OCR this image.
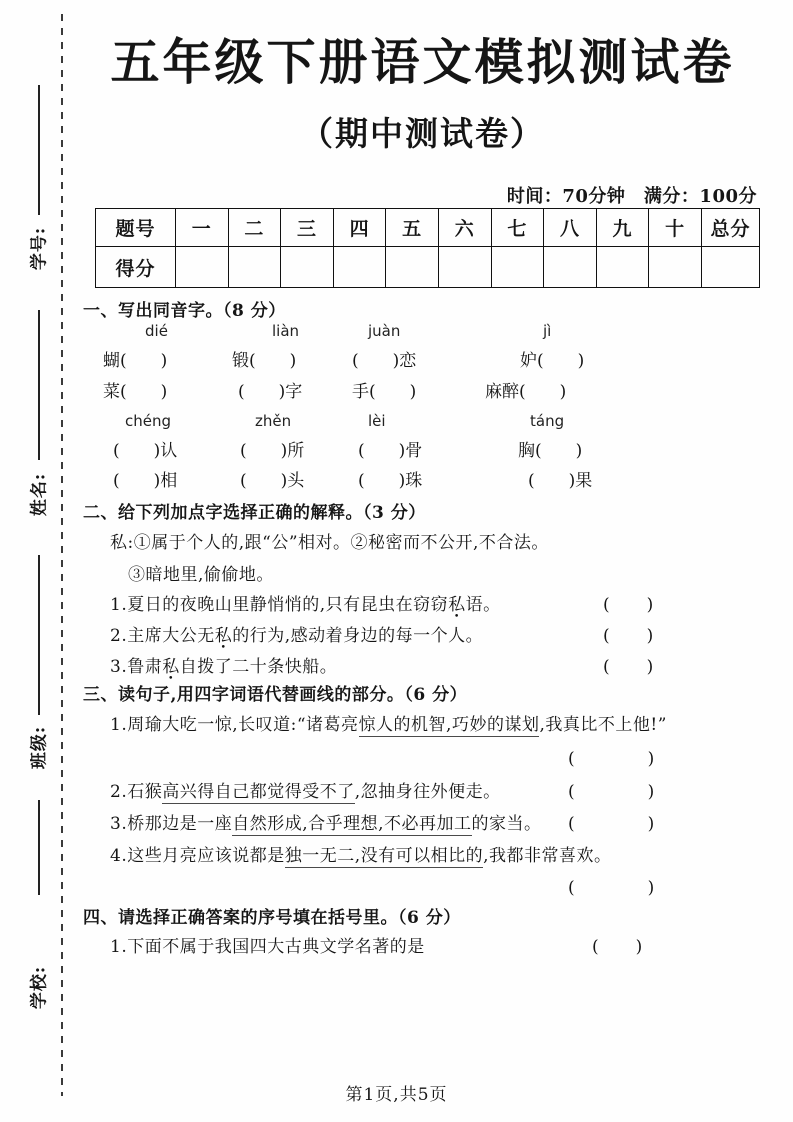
学号:
姓名:
班级:
学校:
五年级下册语文模拟测试卷
（期中测试卷）
时间：70分钟　满分：100分
题号	一	二	三	四	五	六	七	八	九	十	总分
得分											
一、写出同音字。（8 分）
dié	liàn	juàn	jì
蝴(　　)	锻(　　)	(　　)恋	妒(　　)
菜(　　)	(　　)字	手(　　)	麻醉(　　)
chéng	zhěn	lèi	táng
(　　)认	(　　)所	(　　)骨	胸(　　)
(　　)相	(　　)头	(　　)珠	(　　)果
二、给下列加点字选择正确的解释。（3 分）
私:①属于个人的,跟“公”相对。②秘密而不公开,不合法。
③暗地里,偷偷地。
1.夏日的夜晚山里静悄悄的,只有昆虫在窃窃私语。	(　　)
2.主席大公无私的行为,感动着身边的每一个人。	(　　)
3.鲁肃私自拨了二十条快船。	(　　)
三、读句子,用四字词语代替画线的部分。（6 分）
1.周瑜大吃一惊,长叹道:“诸葛亮惊人的机智,巧妙的谋划,我真比不上他!”
(　　　　)
2.石猴高兴得自己都觉得受不了,忽抽身往外便走。	(　　　　)
3.桥那边是一座自然形成,合乎理想,不必再加工的家当。 (　　　　)
4.这些月亮应该说都是独一无二,没有可以相比的,我都非常喜欢。
(　　　　)
四、请选择正确答案的序号填在括号里。（6 分）
1.下面不属于我国四大古典文学名著的是	(　　)
第1页,共5页
